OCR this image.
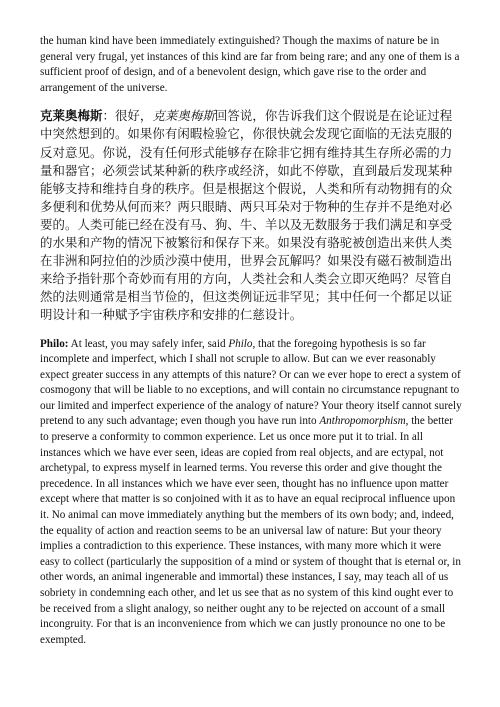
the human kind have been immediately extinguished? Though the maxims of nature be in general very frugal, yet instances of this kind are far from being rare; and any one of them is a sufficient proof of design, and of a benevolent design, which gave rise to the order and arrangement of the universe.

克莱奥梅斯：很好，克莱奥梅斯回答说，你告诉我们这个假说是在论证过程中突然想到的。如果你有闲暇检验它，你很快就会发现它面临的无法克服的反对意见。你说，没有任何形式能够存在除非它拥有维持其生存所必需的力量和器官；必须尝试某种新的秩序或经济，如此不停歇，直到最后发现某种能够支持和维持自身的秩序。但是根据这个假说，人类和所有动物拥有的众多便利和优势从何而来？两只眼睛、两只耳朵对于物种的生存并不是绝对必要的。人类可能已经在没有马、狗、牛、羊以及无数服务于我们满足和享受的水果和产物的情况下被繁衍和保存下来。如果没有骆驼被创造出来供人类在非洲和阿拉伯的沙质沙漠中使用，世界会瓦解吗？如果没有磁石被制造出来给予指针那个奇妙而有用的方向，人类社会和人类会立即灭绝吗？尽管自然的法则通常是相当节俭的，但这类例证远非罕见；其中任何一个都足以证明设计和一种赋予宇宙秩序和安排的仁慈设计。

Philo: At least, you may safely infer, said Philo, that the foregoing hypothesis is so far incomplete and imperfect, which I shall not scruple to allow. But can we ever reasonably expect greater success in any attempts of this nature? Or can we ever hope to erect a system of cosmogony that will be liable to no exceptions, and will contain no circumstance repugnant to our limited and imperfect experience of the analogy of nature? Your theory itself cannot surely pretend to any such advantage; even though you have run into Anthropomorphism, the better to preserve a conformity to common experience. Let us once more put it to trial. In all instances which we have ever seen, ideas are copied from real objects, and are ectypal, not archetypal, to express myself in learned terms. You reverse this order and give thought the precedence. In all instances which we have ever seen, thought has no influence upon matter except where that matter is so conjoined with it as to have an equal reciprocal influence upon it. No animal can move immediately anything but the members of its own body; and, indeed, the equality of action and reaction seems to be an universal law of nature: But your theory implies a contradiction to this experience. These instances, with many more which it were easy to collect (particularly the supposition of a mind or system of thought that is eternal or, in other words, an animal ingenerable and immortal) these instances, I say, may teach all of us sobriety in condemning each other, and let us see that as no system of this kind ought ever to be received from a slight analogy, so neither ought any to be rejected on account of a small incongruity. For that is an inconvenience from which we can justly pronounce no one to be exempted.
